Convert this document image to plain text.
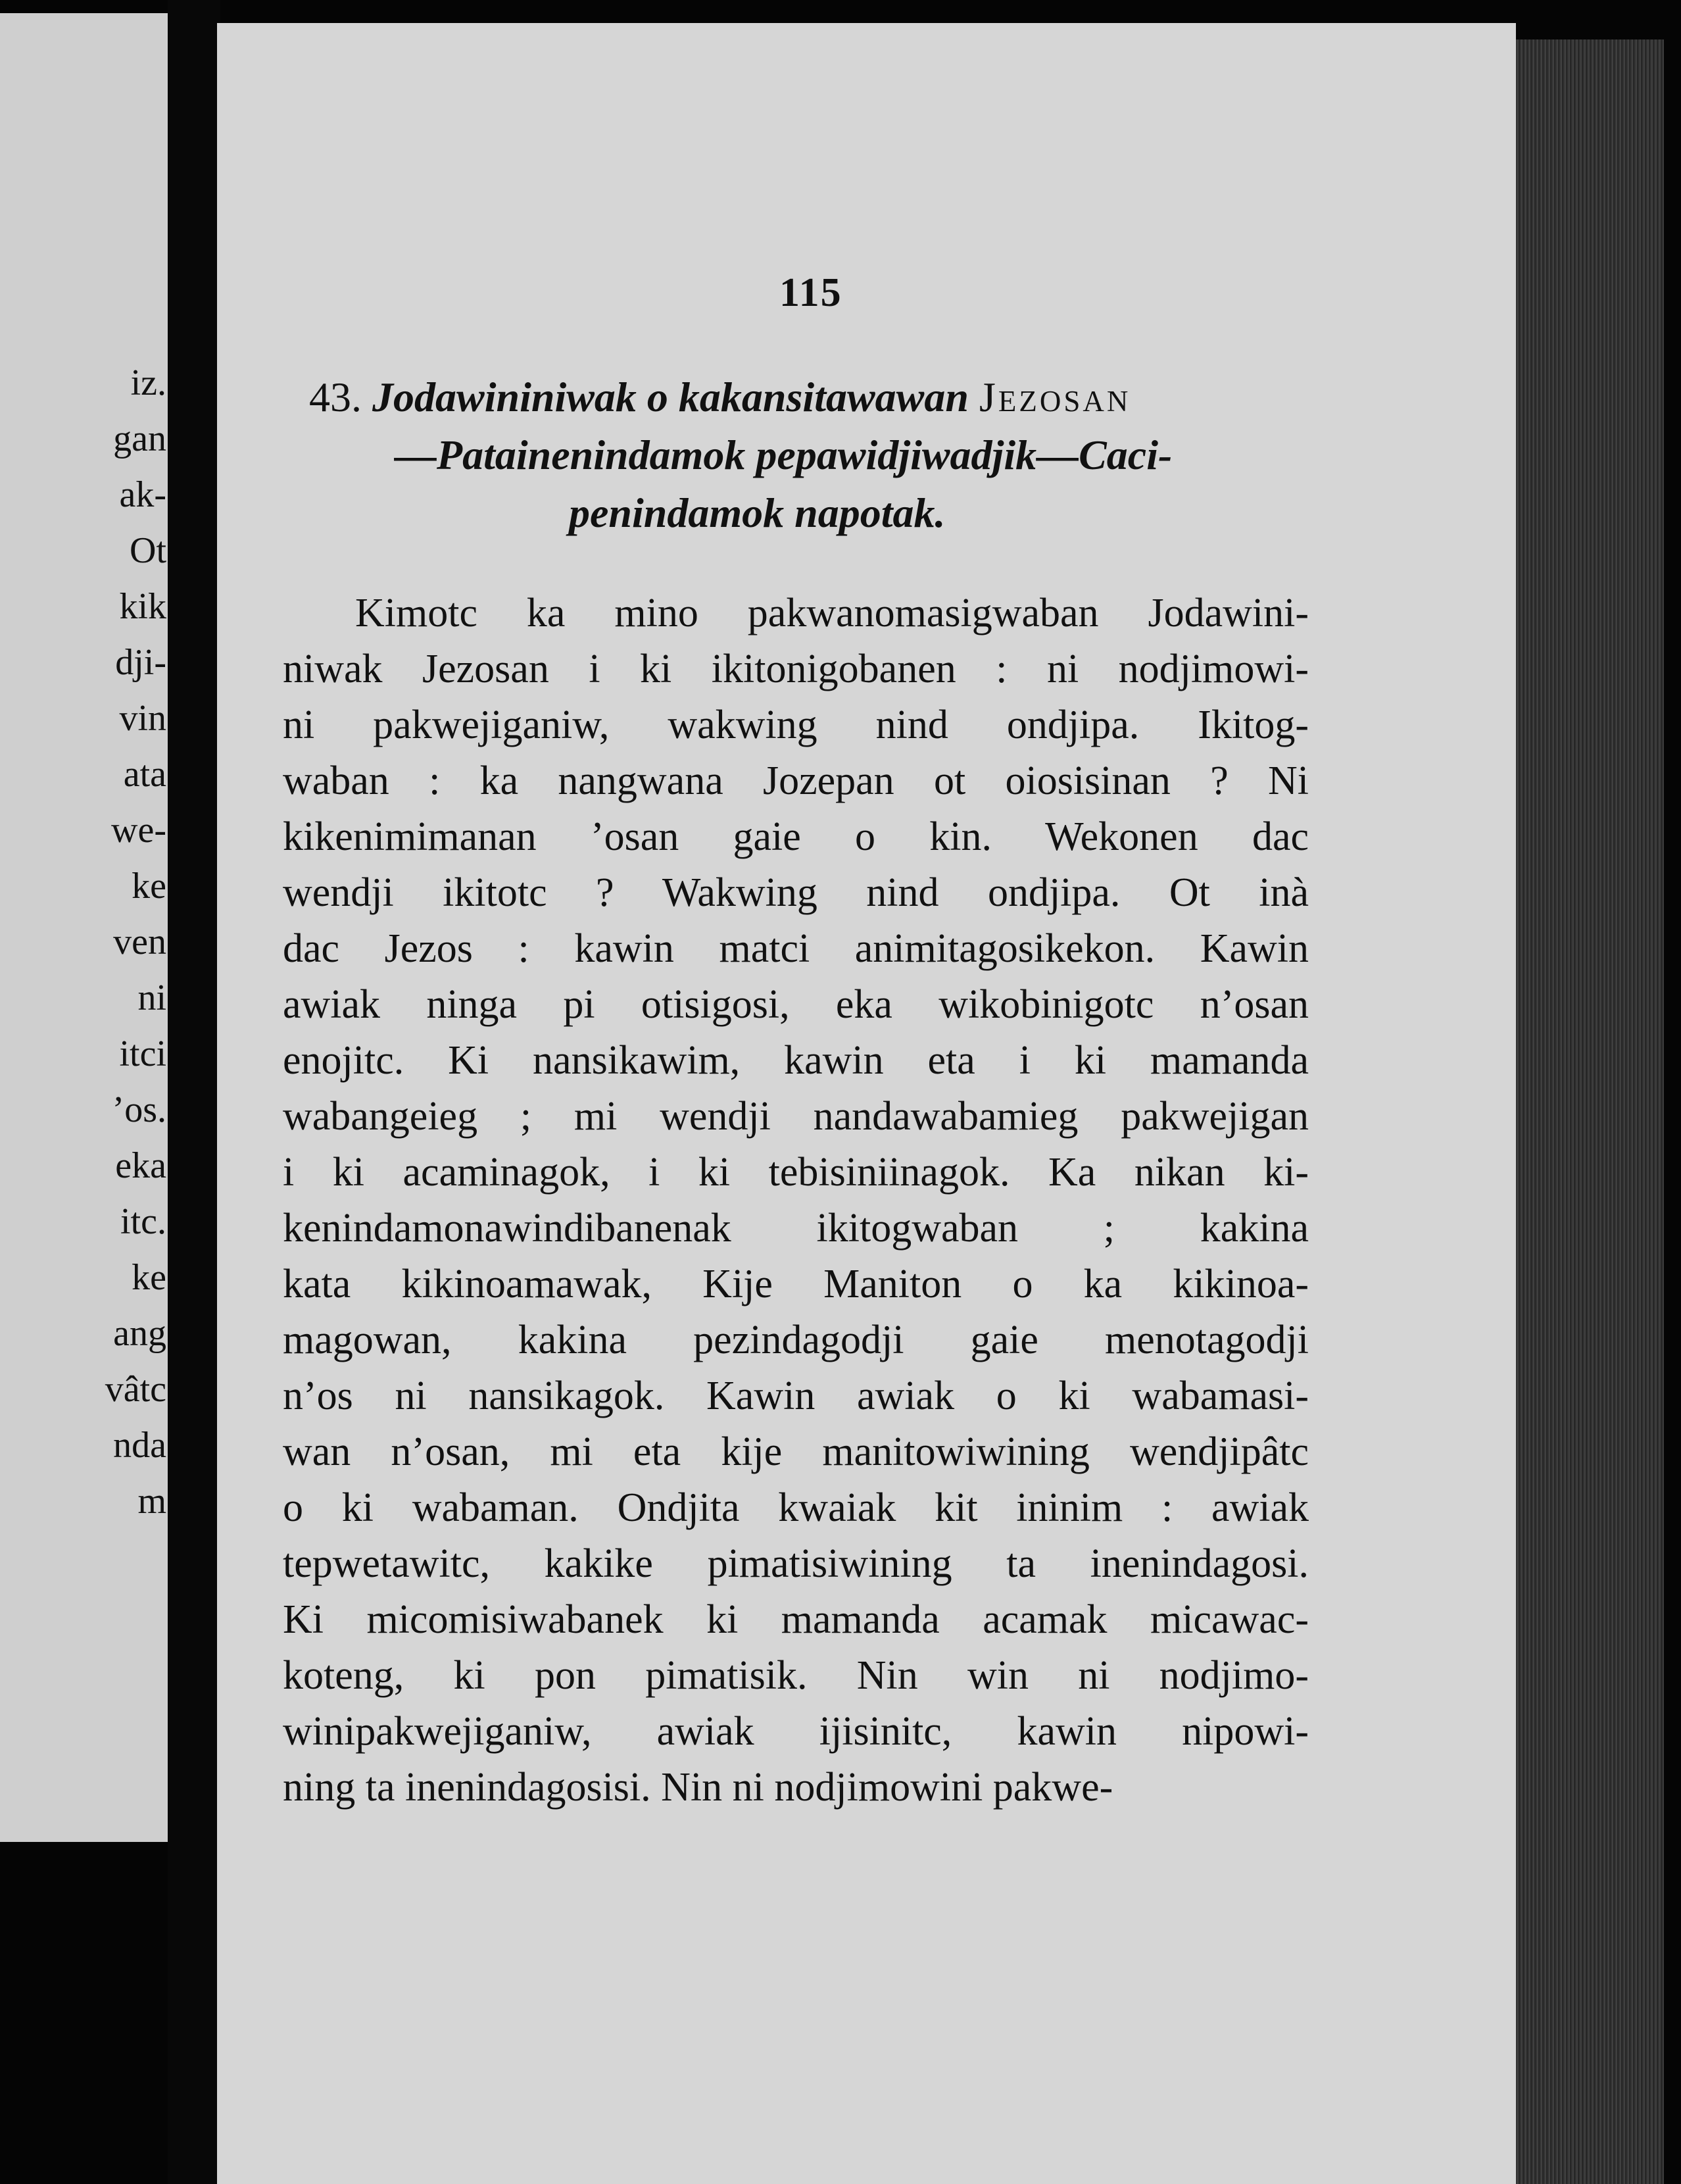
iz.
gan
ak-
Ot
kik
dji-
vin
ata
we-
ke
ven
ni
itci
’os.
eka
itc.
ke
ang
vâtc
nda
m
115
43. Jodawininiwak o kakansitawawan Jezosan
—Patainenindamok pepawidjiwadjik—Caci-
penindamok napotak.
Kimotc ka mino pakwanomasigwaban Jodawini-
niwak Jezosan i ki ikitonigobanen : ni nodjimowi-
ni pakwejiganiw, wakwing nind ondjipa. Ikitog-
waban : ka nangwana Jozepan ot oiosisinan ? Ni
kikenimimanan ’osan gaie o kin. Wekonen dac
wendji ikitotc ? Wakwing nind ondjipa. Ot inà
dac Jezos : kawin matci animitagosikekon. Kawin
awiak ninga pi otisigosi, eka wikobinigotc n’osan
enojitc. Ki nansikawim, kawin eta i ki mamanda
wabangeieg ; mi wendji nandawabamieg pakwejigan
i ki acaminagok, i ki tebisiniinagok. Ka nikan ki-
kenindamonawindibanenak ikitogwaban ; kakina
kata kikinoamawak, Kije Maniton o ka kikinoa-
magowan, kakina pezindagodji gaie menotagodji
n’os ni nansikagok. Kawin awiak o ki wabamasi-
wan n’osan, mi eta kije manitowiwining wendjipâtc
o ki wabaman. Ondjita kwaiak kit ininim : awiak
tepwetawitc, kakike pimatisiwining ta inenindagosi.
Ki micomisiwabanek ki mamanda acamak micawac-
koteng, ki pon pimatisik. Nin win ni nodjimo-
winipakwejiganiw, awiak ijisinitc, kawin nipowi-
ning ta inenindagosisi. Nin ni nodjimowini pakwe-
